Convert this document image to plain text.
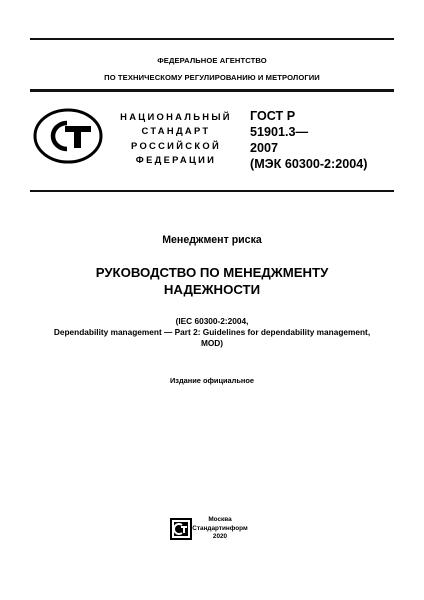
ФЕДЕРАЛЬНОЕ АГЕНТСТВО
ПО ТЕХНИЧЕСКОМУ РЕГУЛИРОВАНИЮ И МЕТРОЛОГИИ
НАЦИОНАЛЬНЫЙ
СТАНДАРТ
РОССИЙСКОЙ
ФЕДЕРАЦИИ
ГОСТ Р
51901.3—
2007
(МЭК 60300-2:2004)
Менеджмент риска
РУКОВОДСТВО ПО МЕНЕДЖМЕНТУ
НАДЕЖНОСТИ
(IEC 60300-2:2004,
Dependability management — Part 2: Guidelines for dependability management,
MOD)
Издание официальное
Москва
Стандартинформ
2020
